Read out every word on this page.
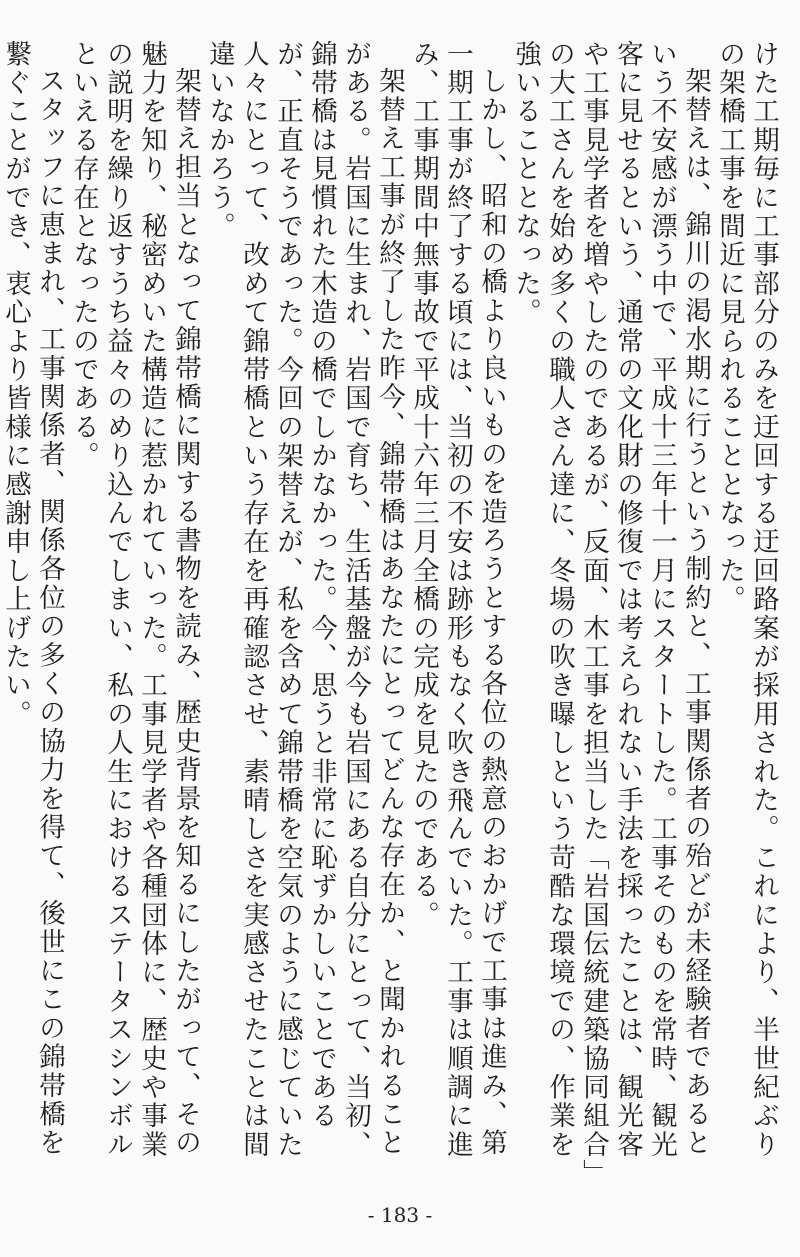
けた工期毎に工事部分のみを迂回する迂回路案が採用された。これにより、半世紀ぶりの架橋工事を間近に見られることとなった。

架替えは、錦川の渇水期に行うという制約と、工事関係者の殆どが未経験者であるという不安感が漂う中で、平成十三年十一月にスタートした。工事そのものを常時、観光客に見せるという、通常の文化財の修復では考えられない手法を採ったことは、観光客や工事見学者を増やしたのであるが、反面、木工事を担当した「岩国伝統建築協同組合」の大工さんを始め多くの職人さん達に、冬場の吹き曝しという苛酷な環境での、作業を強いることとなった。

しかし、昭和の橋より良いものを造ろうとする各位の熱意のおかげで工事は進み、第一期工事が終了する頃には、当初の不安は跡形もなく吹き飛んでいた。工事は順調に進み、工事期間中無事故で平成十六年三月全橋の完成を見たのである。

架替え工事が終了した昨今、錦帯橋はあなたにとってどんな存在か、と聞かれることがある。岩国に生まれ、岩国で育ち、生活基盤が今も岩国にある自分にとって、当初、錦帯橋は見慣れた木造の橋でしかなかった。今、思うと非常に恥ずかしいことであるが、正直そうであった。今回の架替えが、私を含めて錦帯橋を空気のように感じていた人々にとって、改めて錦帯橋という存在を再確認させ、素晴しさを実感させたことは間違いなかろう。

架替え担当となって錦帯橋に関する書物を読み、歴史背景を知るにしたがって、その魅力を知り、秘密めいた構造に惹かれていった。工事見学者や各種団体に、歴史や事業の説明を繰り返すうち益々のめり込んでしまい、私の人生におけるステータスシンボルといえる存在となったのである。

スタッフに恵まれ、工事関係者、関係各位の多くの協力を得て、後世にこの錦帯橋を繋ぐことができ、衷心より皆様に感謝申し上げたい。

- 183 -
